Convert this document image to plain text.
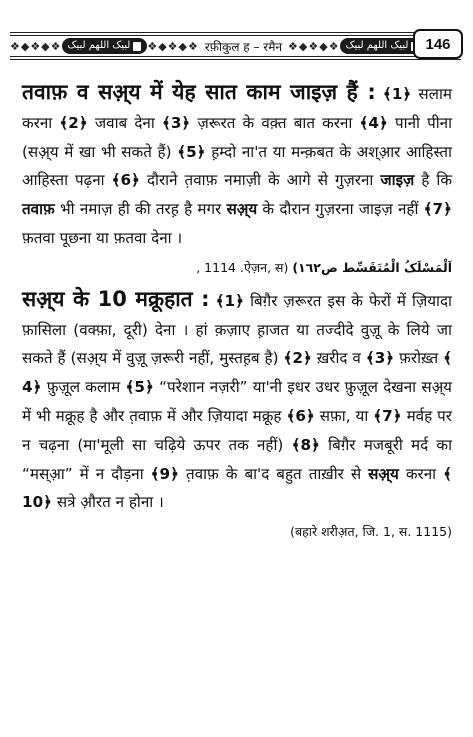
❖◆❖◆❖ لبیک اللھم لبیک ❖◆❖◆❖ रफ़ीकुल ह – रमैन ❖◆❖◆❖ لبیک اللھم لبیک	146
तवाफ़ व सअ़्य में येह सात काम जाइज़ हैं : ﴾1﴿ सलाम करना ﴾2﴿ जवाब देना ﴾3﴿ ज़रूरत के वक़्त बात करना ﴾4﴿ पानी पीना (सअ़्य में खा भी सकते हैं) ﴾5﴿ ह़म्दो ना'त या मन्क़बत के अश्आ़र आहिस्ता आहिस्ता पढ़ना ﴾6﴿ दौराने त़वाफ़ नमाज़ी के आगे से गुज़रना जाइज़ है कि तवाफ़ भी नमाज़ ही की तरह़ है मगर सअ़्य के दौरान गुज़रना जाइज़ नहीं ﴾7﴿ फ़तवा पूछना या फ़तवा देना ।
, 1114 .ऐज़न, स) (اَلْمَسْلَکُ الْمُتَقَسِّط ص١٦٢
सअ़्य के 10 मक्रूहात : ﴾1﴿ बिग़ैर ज़रूरत इस के फेरों में ज़ियादा फ़ासिला (वक्फ़ा, दूरी) देना । हां क़ज़ाए ह़ाजत या तज्दीदे वुज़ू के लिये जा सकते हैं (सअ़्य में वुज़ू ज़रूरी नहीं, मुस्तह़ब है) ﴾2﴿ ख़रीद व ﴾3﴿ फ़रोख़्त ﴾4﴿ फ़ुज़ूल कलाम ﴾5﴿ “परेशान नज़री” या'नी इधर उधर फ़ुज़ूल देखना सअ़्य में भी मक्रूह है और त़वाफ़ में और ज़ियादा मक्रूह ﴾6﴿ सफ़ा, या ﴾7﴿ मर्वह पर न चढ़ना (मा'मूली सा चढ़िये ऊपर तक नहीं) ﴾8﴿ बिग़ैर मजबूरी मर्द का “मस्आ़” में न दौड़ना ﴾9﴿ त़वाफ़ के बा'द बहुत ताख़ीर से सअ़्य करना ﴾10﴿ सत्रे औ़रत न होना ।
(बहारे शरीअ़त, जि. 1, स. 1115)
